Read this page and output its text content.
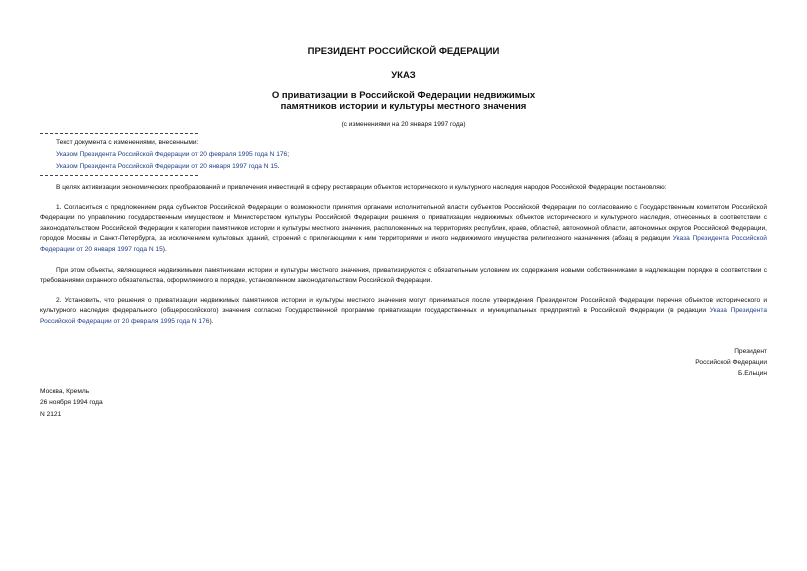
ПРЕЗИДЕНТ РОССИЙСКОЙ ФЕДЕРАЦИИ
УКАЗ
О приватизации в Российской Федерации недвижимых
памятников истории и культуры местного значения
(с изменениями на 20 января 1997 года)
Текст документа с изменениями, внесенными:
Указом Президента Российской Федерации от 20 февраля 1995 года N 176;
Указом Президента Российской Федерации от 20 января 1997 года N 15.
В целях активизации экономических преобразований и привлечения инвестиций в сферу реставрации объектов исторического и культурного наследия народов Российской Федерации постановляю:
1. Согласиться с предложением ряда субъектов Российской Федерации о возможности принятия органами исполнительной власти субъектов Российской Федерации по согласованию с Государственным комитетом Российской Федерации по управлению государственным имуществом и Министерством культуры Российской Федерации решения о приватизации недвижимых объектов исторического и культурного наследия, отнесенных в соответствии с законодательством Российской Федерации к категории памятников истории и культуры местного значения, расположенных на территориях республик, краев, областей, автономной области, автономных округов Российской Федерации, городов Москвы и Санкт-Петербурга, за исключением культовых зданий, строений с прилегающими к ним территориями и иного недвижимого имущества религиозного назначения (абзац в редакции Указа Президента Российской Федерации от 20 января 1997 года N 15).
При этом объекты, являющиеся недвижимыми памятниками истории и культуры местного значения, приватизируются с обязательным условием их содержания новыми собственниками в надлежащем порядке в соответствии с требованиями охранного обязательства, оформляемого в порядке, установленном законодательством Российской Федерации.
2. Установить, что решения о приватизации недвижимых памятников истории и культуры местного значения могут приниматься после утверждения Президентом Российской Федерации перечня объектов исторического и культурного наследия федерального (общероссийского) значения согласно Государственной программе приватизации государственных и муниципальных предприятий в Российской Федерации (в редакции Указа Президента Российской Федерации от 20 февраля 1995 года N 176).
Президент
Российской Федерации
Б.Ельцин
Москва, Кремль
26 ноября 1994 года
N 2121
